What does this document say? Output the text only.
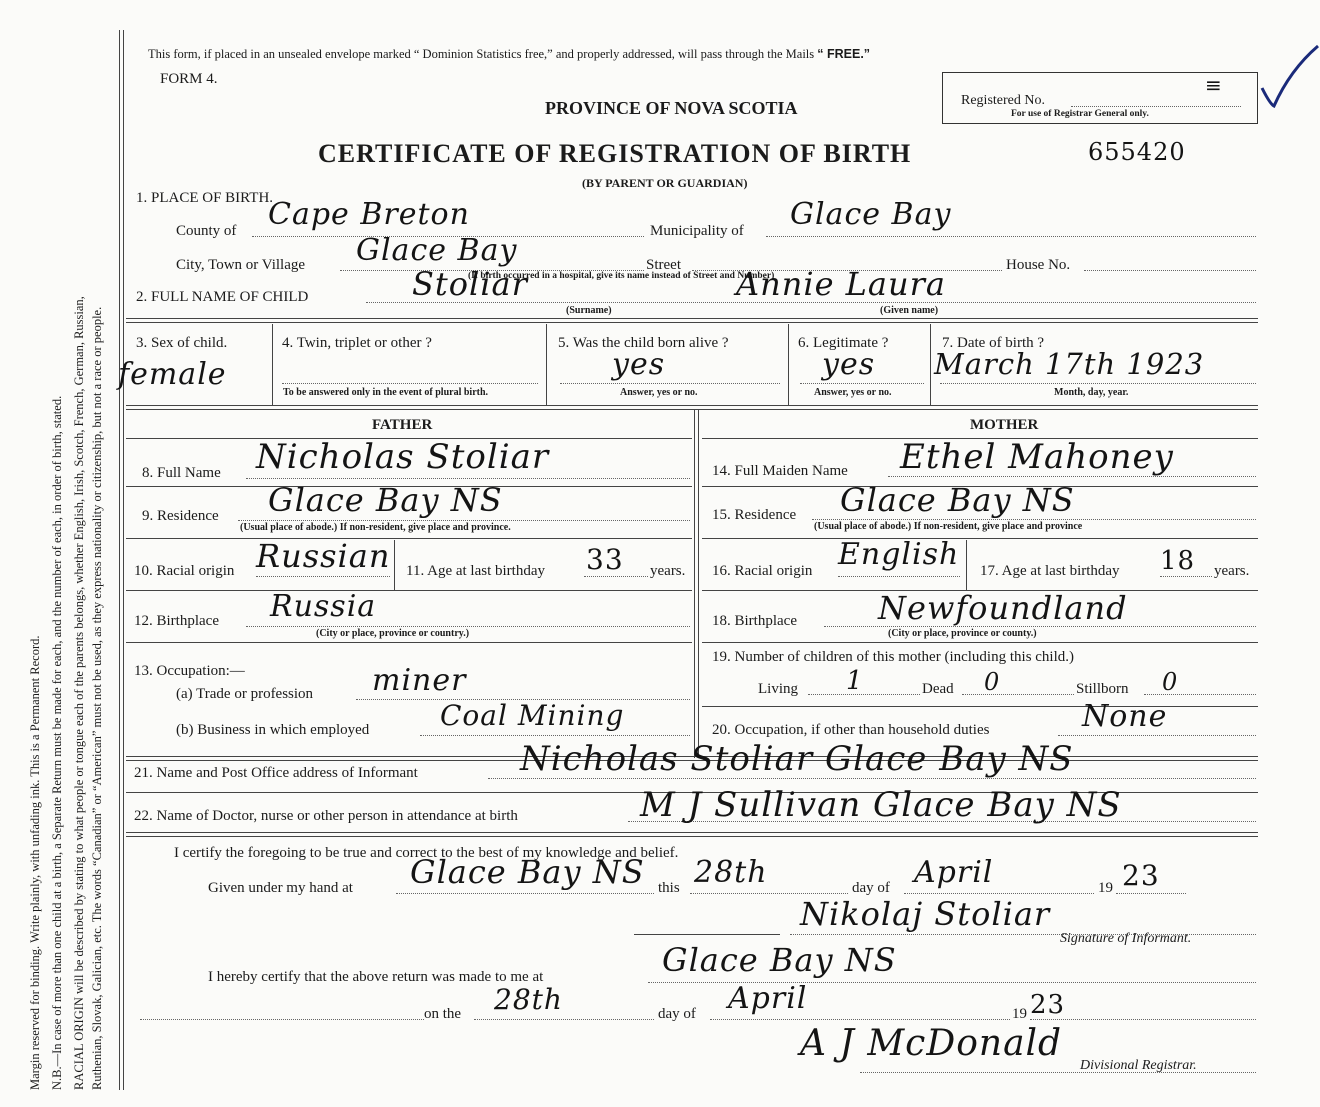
Margin reserved for binding. Write plainly, with unfading ink. This is a Permanent Record. N.B.—In case of more than one child at a birth, a Separate Return must be made for each, and the number of each, in order of birth, stated. RACIAL ORIGIN will be described by stating to what people or tongue each of the parents belongs, whether English, Irish, Scotch, French, German, Russian, Ruthenian, Slovak, Galician, etc. The words “Canadian” or “American” must not be used, as they express nationality or citizenship, but not a race or people.
This form, if placed in an unsealed envelope marked “ Dominion Statistics free,” and properly addressed, will pass through the Mails “ FREE.”
FORM 4.
PROVINCE OF NOVA SCOTIA	Registered No.
For use of Registrar General only.
≡
CERTIFICATE OF REGISTRATION OF BIRTH	655420
(BY PARENT OR GUARDIAN)
1. PLACE OF BIRTH.
County of Cape Breton	Municipality of Glace Bay
City, Town or Village Glace Bay	Street	House No.
(If birth occurred in a hospital, give its name instead of Street and Number)
2. FULL NAME OF CHILD	Stoliar
(Surname)
Annie Laura
(Given name)
3. Sex of child.
female
4. Twin, triplet or other ?
To be answered only in the event of plural birth.
5. Was the child born alive ?
yes
Answer, yes or no.
6. Legitimate ?
yes
Answer, yes or no.
7. Date of birth ?
March 17th 1923
Month, day, year.
FATHER	MOTHER
8. Full Name Nicholas Stoliar	14. Full Maiden Name Ethel Mahoney
9. Residence Glace Bay NS
(Usual place of abode.) If non-resident, give place and province.
15. Residence Glace Bay NS
(Usual place of abode.) If non-resident, give place and province
10. Racial origin Russian 11. Age at last birthday 33 years. 16. Racial origin English 17. Age at last birthday 18 years.
12. Birthplace Russia
(City or place, province or country.)
18. Birthplace	Newfoundland
(City or place, province or county.)
13. Occupation:—
(a) Trade or profession miner
19. Number of children of this mother (including this child.)
Living 1	Dead 0	Stillborn 0
(b) Business in which employed	Coal Mining	20. Occupation, if other than household duties	None
21. Name and Post Office address of Informant	Nicholas Stoliar Glace Bay NS
22. Name of Doctor, nurse or other person in attendance at birth	M J Sullivan Glace Bay NS
I certify the foregoing to be true and correct to the best of my knowledge and belief.
Given under my hand at Glace Bay NS this 28th	day of April	19 23
Nikolaj Stoliar
Signature of Informant.
I hereby certify that the above return was made to me at	Glace Bay NS
on the 28th	day of April	19 23
A J McDonald
Divisional Registrar.
